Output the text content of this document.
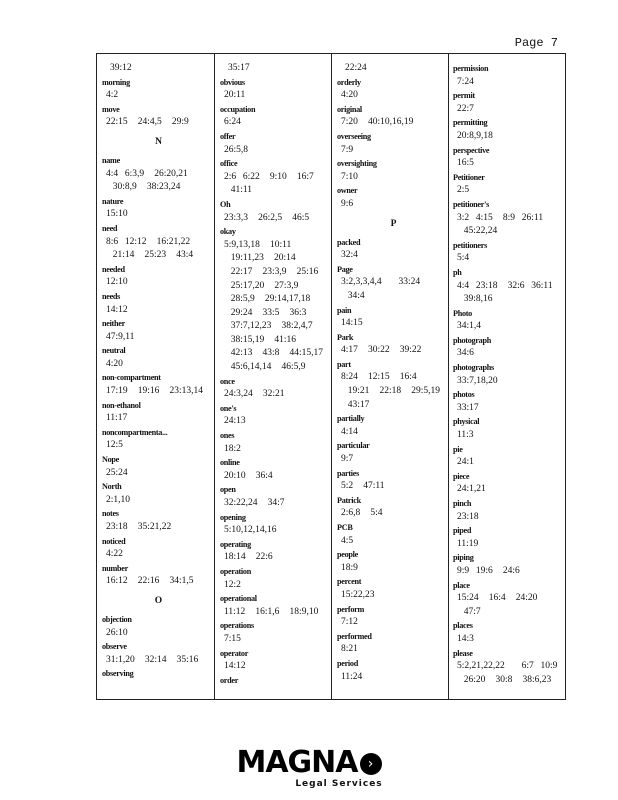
Page 7
39:12
morning
4:2
move
22:15   24:4,5   29:9
N
name
4:4  6:3,9   26:20,21
30:8,9   38:23,24
nature
15:10
need
8:6  12:12   16:21,22
21:14   25:23   43:4
needed
12:10
needs
14:12
neither
47:9,11
neutral
4:20
non-compartment
17:19   19:16   23:13,14
non-ethanol
11:17
noncompartmenta...
12:5
Nope
25:24
North
2:1,10
notes
23:18   35:21,22
noticed
4:22
number
16:12   22:16   34:1,5
O
objection
26:10
observe
31:1,20   32:14   35:16
observing
35:17
obvious
20:11
occupation
6:24
offer
26:5,8
office
2:6  6:22   9:10   16:7
41:11
Oh
23:3,3   26:2,5   46:5
okay
5:9,13,18   10:11
19:11,23   20:14
22:17   23:3,9   25:16
25:17,20   27:3,9
28:5,9   29:14,17,18
29:24   33:5   36:3
37:7,12,23   38:2,4,7
38:15,19   41:16
42:13   43:8   44:15,17
45:6,14,14   46:5,9
once
24:3,24   32:21
one's
24:13
ones
18:2
online
20:10   36:4
open
32:22,24   34:7
opening
5:10,12,14,16
operating
18:14   22:6
operation
12:2
operational
11:12   16:1,6   18:9,10
operations
7:15
operator
14:12
order
22:24
orderly
4:20
original
7:20   40:10,16,19
overseeing
7:9
oversighting
7:10
owner
9:6
P
packed
32:4
Page
3:2,3,3,4,4     33:24
34:4
pain
14:15
Park
4:17   30:22   39:22
part
8:24   12:15   16:4
19:21   22:18   29:5,19
43:17
partially
4:14
particular
9:7
parties
5:2   47:11
Patrick
2:6,8   5:4
PCB
4:5
people
18:9
percent
15:22,23
perform
7:12
performed
8:21
period
11:24
permission
7:24
permit
22:7
permitting
20:8,9,18
perspective
16:5
Petitioner
2:5
petitioner's
3:2  4:15   8:9  26:11
45:22,24
petitioners
5:4
ph
4:4  23:18   32:6  36:11
39:8,16
Photo
34:1,4
photograph
34:6
photographs
33:7,18,20
photos
33:17
physical
11:3
pie
24:1
piece
24:1,21
pinch
23:18
piped
11:19
piping
9:9  19:6   24:6
place
15:24   16:4   24:20
47:7
places
14:3
please
5:2,21,22,22     6:7  10:9
26:20   30:8   38:6,23
MAGNA ›
Legal Services
